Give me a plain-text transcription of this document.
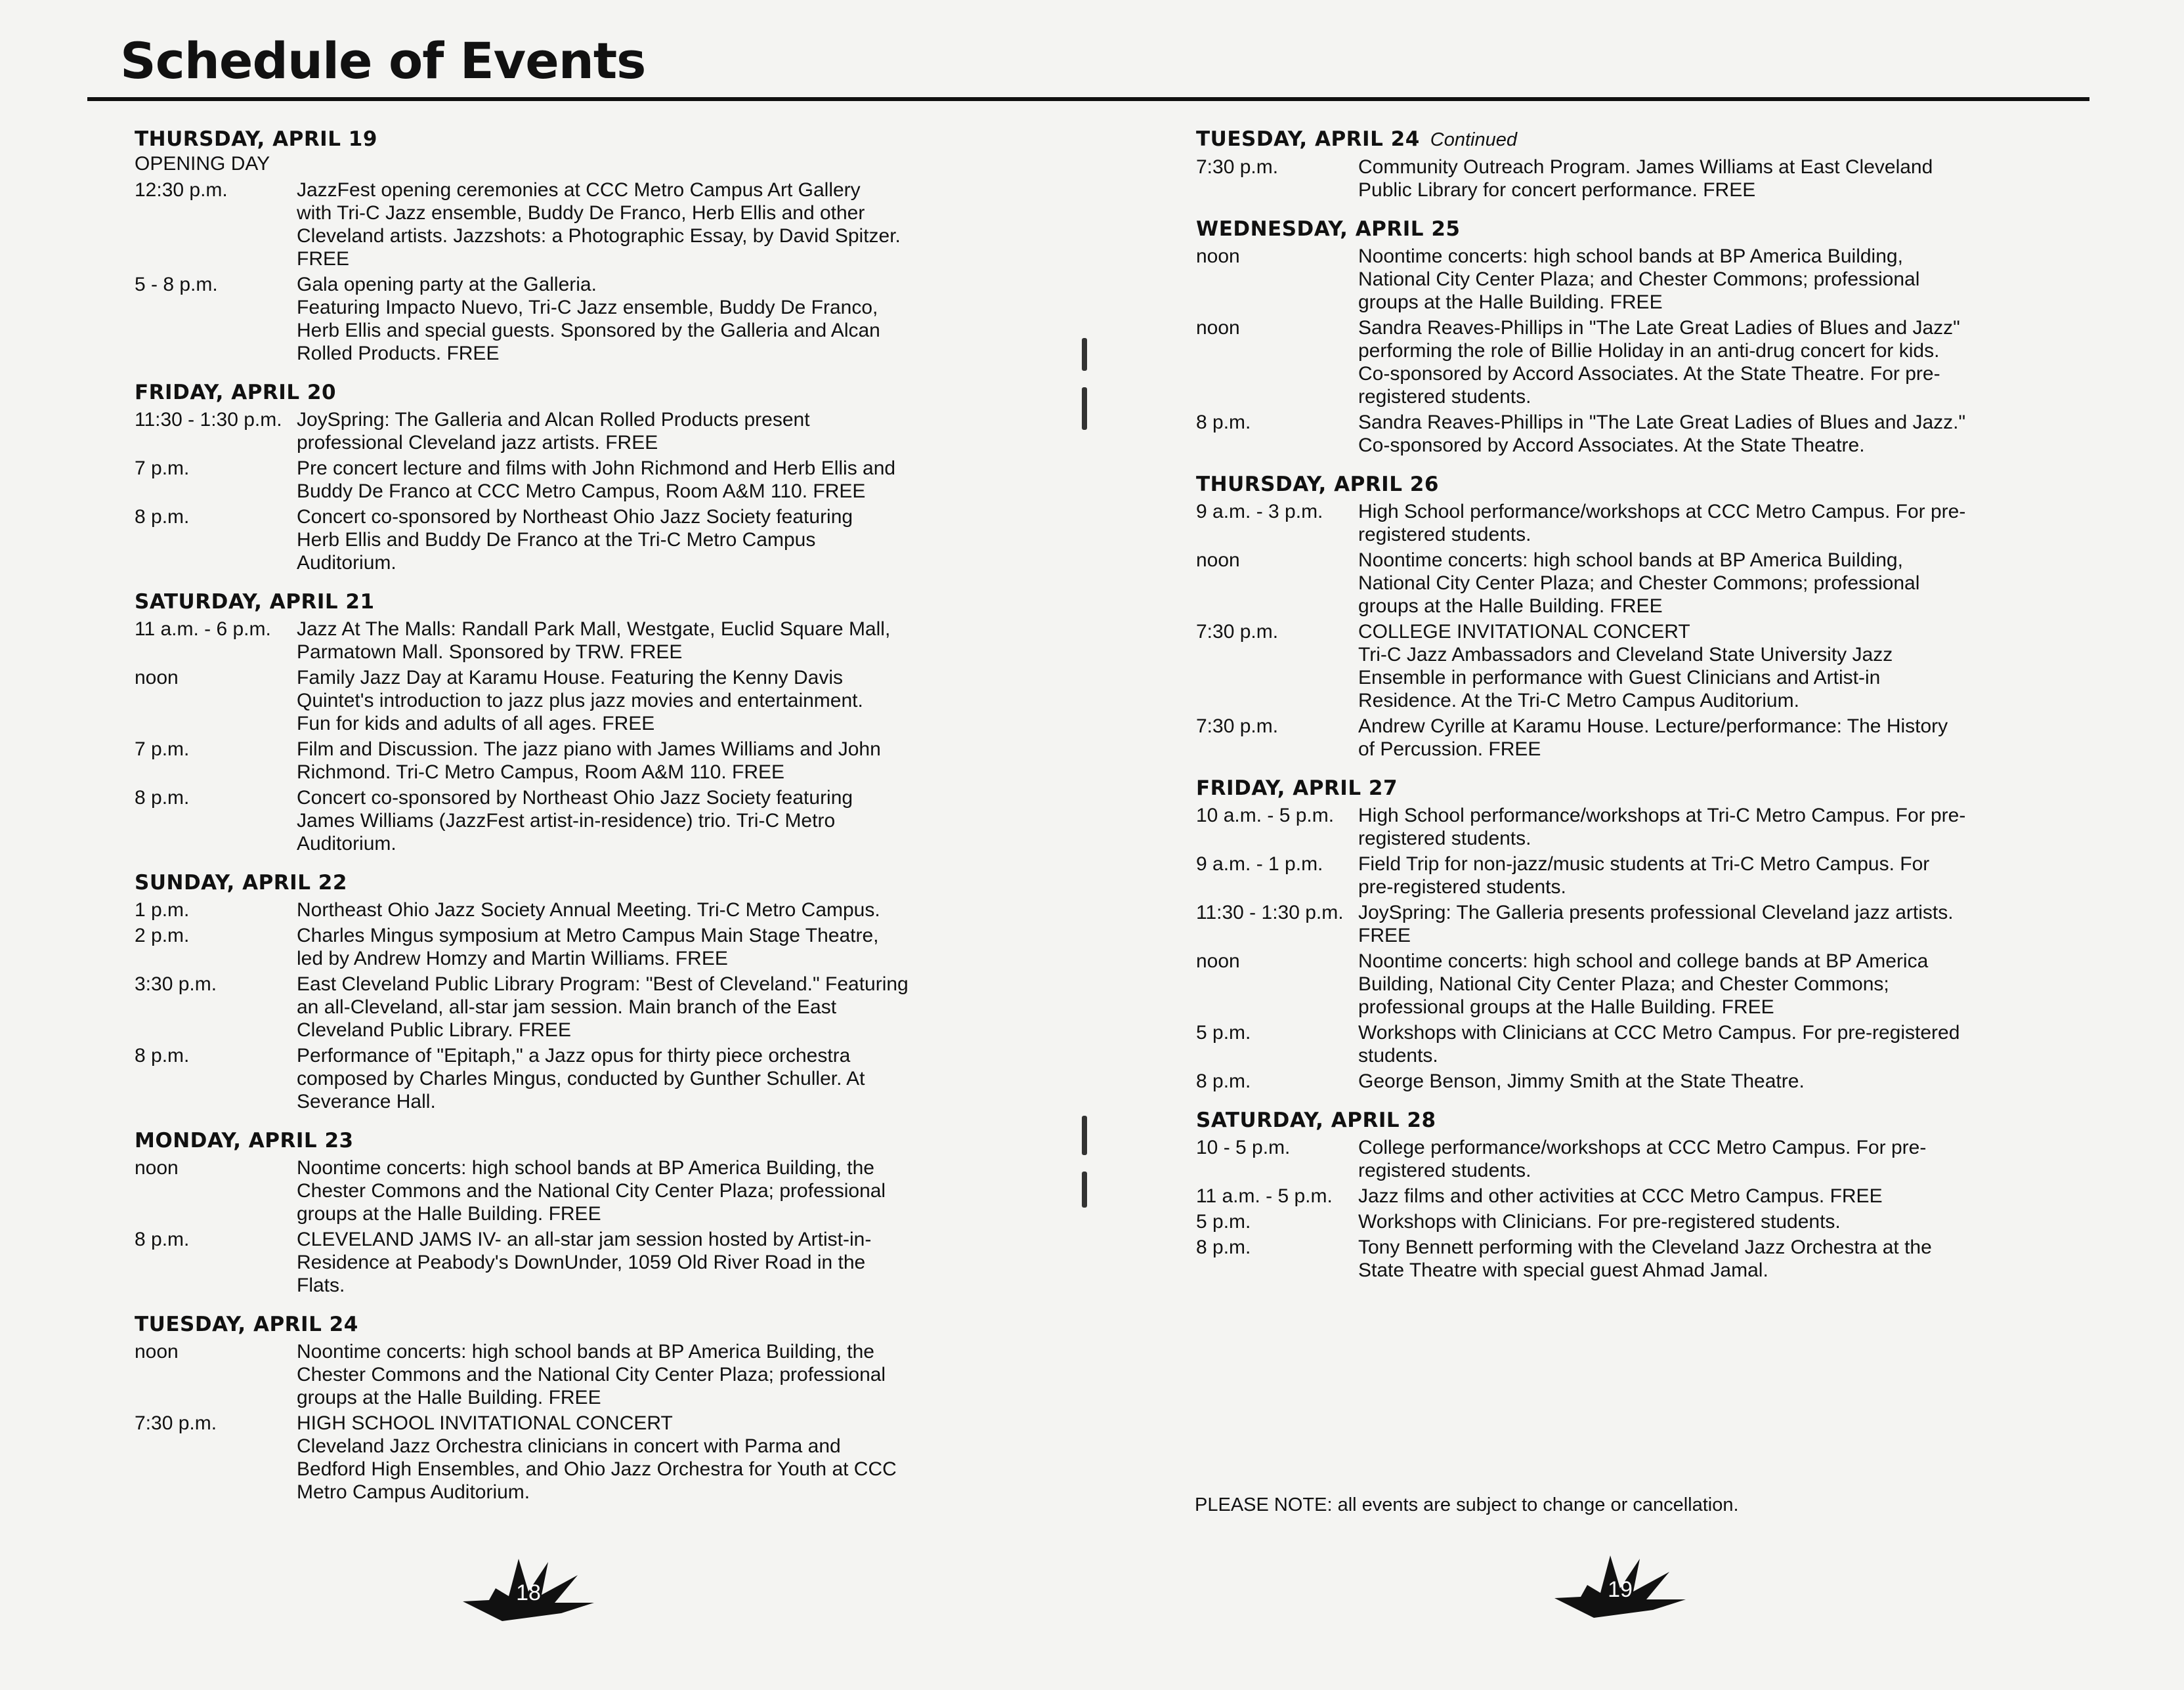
Schedule of Events
THURSDAY, APRIL 19
OPENING DAY
12:30 p.m.	JazzFest opening ceremonies at CCC Metro Campus Art Gallery
with Tri-C Jazz ensemble, Buddy De Franco, Herb Ellis and other
Cleveland artists. Jazzshots: a Photographic Essay, by David Spitzer.
FREE
5 - 8 p.m.	Gala opening party at the Galleria.
Featuring Impacto Nuevo, Tri-C Jazz ensemble, Buddy De Franco,
Herb Ellis and special guests. Sponsored by the Galleria and Alcan
Rolled Products. FREE
FRIDAY, APRIL 20
11:30 - 1:30 p.m. JoySpring: The Galleria and Alcan Rolled Products present
professional Cleveland jazz artists. FREE
7 p.m.	Pre concert lecture and films with John Richmond and Herb Ellis and
Buddy De Franco at CCC Metro Campus, Room A&M 110. FREE
8 p.m.	Concert co-sponsored by Northeast Ohio Jazz Society featuring
Herb Ellis and Buddy De Franco at the Tri-C Metro Campus
Auditorium.
SATURDAY, APRIL 21
11 a.m. - 6 p.m.	Jazz At The Malls: Randall Park Mall, Westgate, Euclid Square Mall,
Parmatown Mall. Sponsored by TRW. FREE
noon	Family Jazz Day at Karamu House. Featuring the Kenny Davis
Quintet's introduction to jazz plus jazz movies and entertainment.
Fun for kids and adults of all ages. FREE
7 p.m.	Film and Discussion. The jazz piano with James Williams and John
Richmond. Tri-C Metro Campus, Room A&M 110. FREE
8 p.m.	Concert co-sponsored by Northeast Ohio Jazz Society featuring
James Williams (JazzFest artist-in-residence) trio. Tri-C Metro
Auditorium.
SUNDAY, APRIL 22
1 p.m.	Northeast Ohio Jazz Society Annual Meeting. Tri-C Metro Campus.
2 p.m.	Charles Mingus symposium at Metro Campus Main Stage Theatre,
led by Andrew Homzy and Martin Williams. FREE
3:30 p.m.	East Cleveland Public Library Program: "Best of Cleveland." Featuring
an all-Cleveland, all-star jam session. Main branch of the East
Cleveland Public Library. FREE
8 p.m.	Performance of "Epitaph," a Jazz opus for thirty piece orchestra
composed by Charles Mingus, conducted by Gunther Schuller. At
Severance Hall.
MONDAY, APRIL 23
noon	Noontime concerts: high school bands at BP America Building, the
Chester Commons and the National City Center Plaza; professional
groups at the Halle Building. FREE
8 p.m.	CLEVELAND JAMS IV- an all-star jam session hosted by Artist-in-
Residence at Peabody's DownUnder, 1059 Old River Road in the
Flats.
TUESDAY, APRIL 24
noon	Noontime concerts: high school bands at BP America Building, the
Chester Commons and the National City Center Plaza; professional
groups at the Halle Building. FREE
7:30 p.m.	HIGH SCHOOL INVITATIONAL CONCERT
Cleveland Jazz Orchestra clinicians in concert with Parma and
Bedford High Ensembles, and Ohio Jazz Orchestra for Youth at CCC
Metro Campus Auditorium.
TUESDAY, APRIL 24 Continued
7:30 p.m.	Community Outreach Program. James Williams at East Cleveland
Public Library for concert performance. FREE
WEDNESDAY, APRIL 25
noon	Noontime concerts: high school bands at BP America Building,
National City Center Plaza; and Chester Commons; professional
groups at the Halle Building. FREE
noon	Sandra Reaves-Phillips in "The Late Great Ladies of Blues and Jazz"
performing the role of Billie Holiday in an anti-drug concert for kids.
Co-sponsored by Accord Associates. At the State Theatre. For pre-
registered students.
8 p.m.	Sandra Reaves-Phillips in "The Late Great Ladies of Blues and Jazz."
Co-sponsored by Accord Associates. At the State Theatre.
THURSDAY, APRIL 26
9 a.m. - 3 p.m.	High School performance/workshops at CCC Metro Campus. For pre-
registered students.
noon	Noontime concerts: high school bands at BP America Building,
National City Center Plaza; and Chester Commons; professional
groups at the Halle Building. FREE
7:30 p.m.	COLLEGE INVITATIONAL CONCERT
Tri-C Jazz Ambassadors and Cleveland State University Jazz
Ensemble in performance with Guest Clinicians and Artist-in
Residence. At the Tri-C Metro Campus Auditorium.
7:30 p.m.	Andrew Cyrille at Karamu House. Lecture/performance: The History
of Percussion. FREE
FRIDAY, APRIL 27
10 a.m. - 5 p.m.	High School performance/workshops at Tri-C Metro Campus. For pre-
registered students.
9 a.m. - 1 p.m.	Field Trip for non-jazz/music students at Tri-C Metro Campus. For
pre-registered students.
11:30 - 1:30 p.m. JoySpring: The Galleria presents professional Cleveland jazz artists.
FREE
noon	Noontime concerts: high school and college bands at BP America
Building, National City Center Plaza; and Chester Commons;
professional groups at the Halle Building. FREE
5 p.m.	Workshops with Clinicians at CCC Metro Campus. For pre-registered
students.
8 p.m.	George Benson, Jimmy Smith at the State Theatre.
SATURDAY, APRIL 28
10 - 5 p.m.	College performance/workshops at CCC Metro Campus. For pre-
registered students.
11 a.m. - 5 p.m.	Jazz films and other activities at CCC Metro Campus. FREE
5 p.m.	Workshops with Clinicians. For pre-registered students.
8 p.m.	Tony Bennett performing with the Cleveland Jazz Orchestra at the
State Theatre with special guest Ahmad Jamal.
PLEASE NOTE: all events are subject to change or cancellation.
18	19
